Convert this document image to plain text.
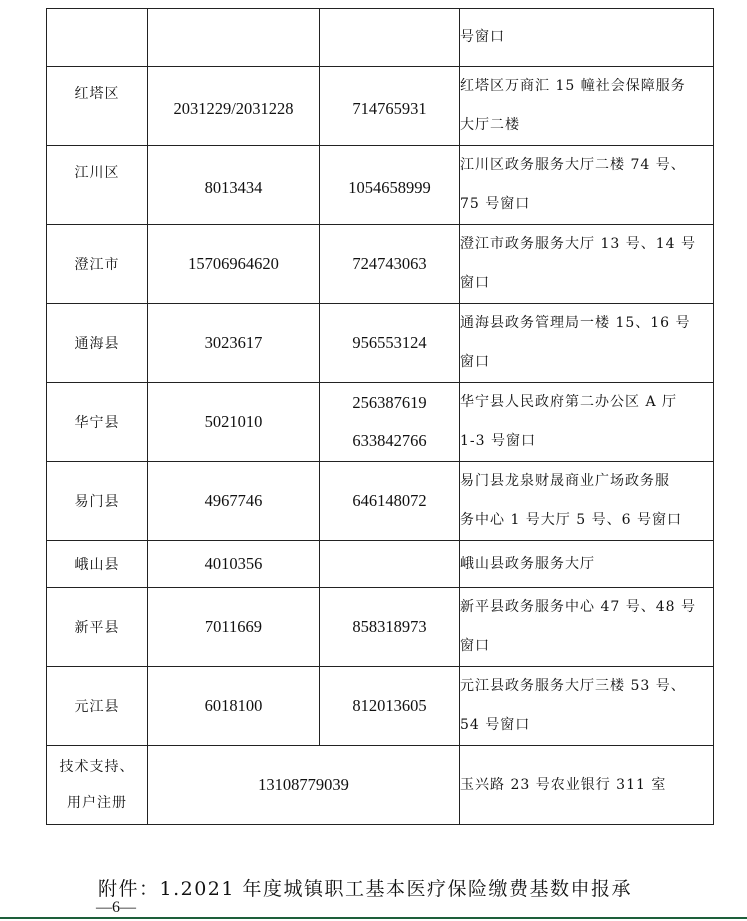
			号窗口

红塔区	2031229/2031228	714765931	红塔区万商汇 15 幢社会保障服务
大厅二楼

江川区	8013434	1054658999	江川区政务服务大厅二楼 74 号、
75 号窗口

澄江市	15706964620	724743063	澄江市政务服务大厅 13 号、14 号
窗口

通海县	3023617	956553124	通海县政务管理局一楼 15、16 号
窗口

华宁县	5021010	256387619
633842766	华宁县人民政府第二办公区 A 厅
1-3 号窗口

易门县	4967746	646148072	易门县龙泉财晟商业广场政务服
务中心 1 号大厅 5 号、6 号窗口

峨山县	4010356		峨山县政务服务大厅

新平县	7011669	858318973	新平县政务服务中心 47 号、48 号
窗口

元江县	6018100	812013605	元江县政务服务大厅三楼 53 号、
54 号窗口

技术支持、
用户注册	13108779039		玉兴路 23 号农业银行 311 室
附件：1.2021 年度城镇职工基本医疗保险缴费基数申报承
—6—
